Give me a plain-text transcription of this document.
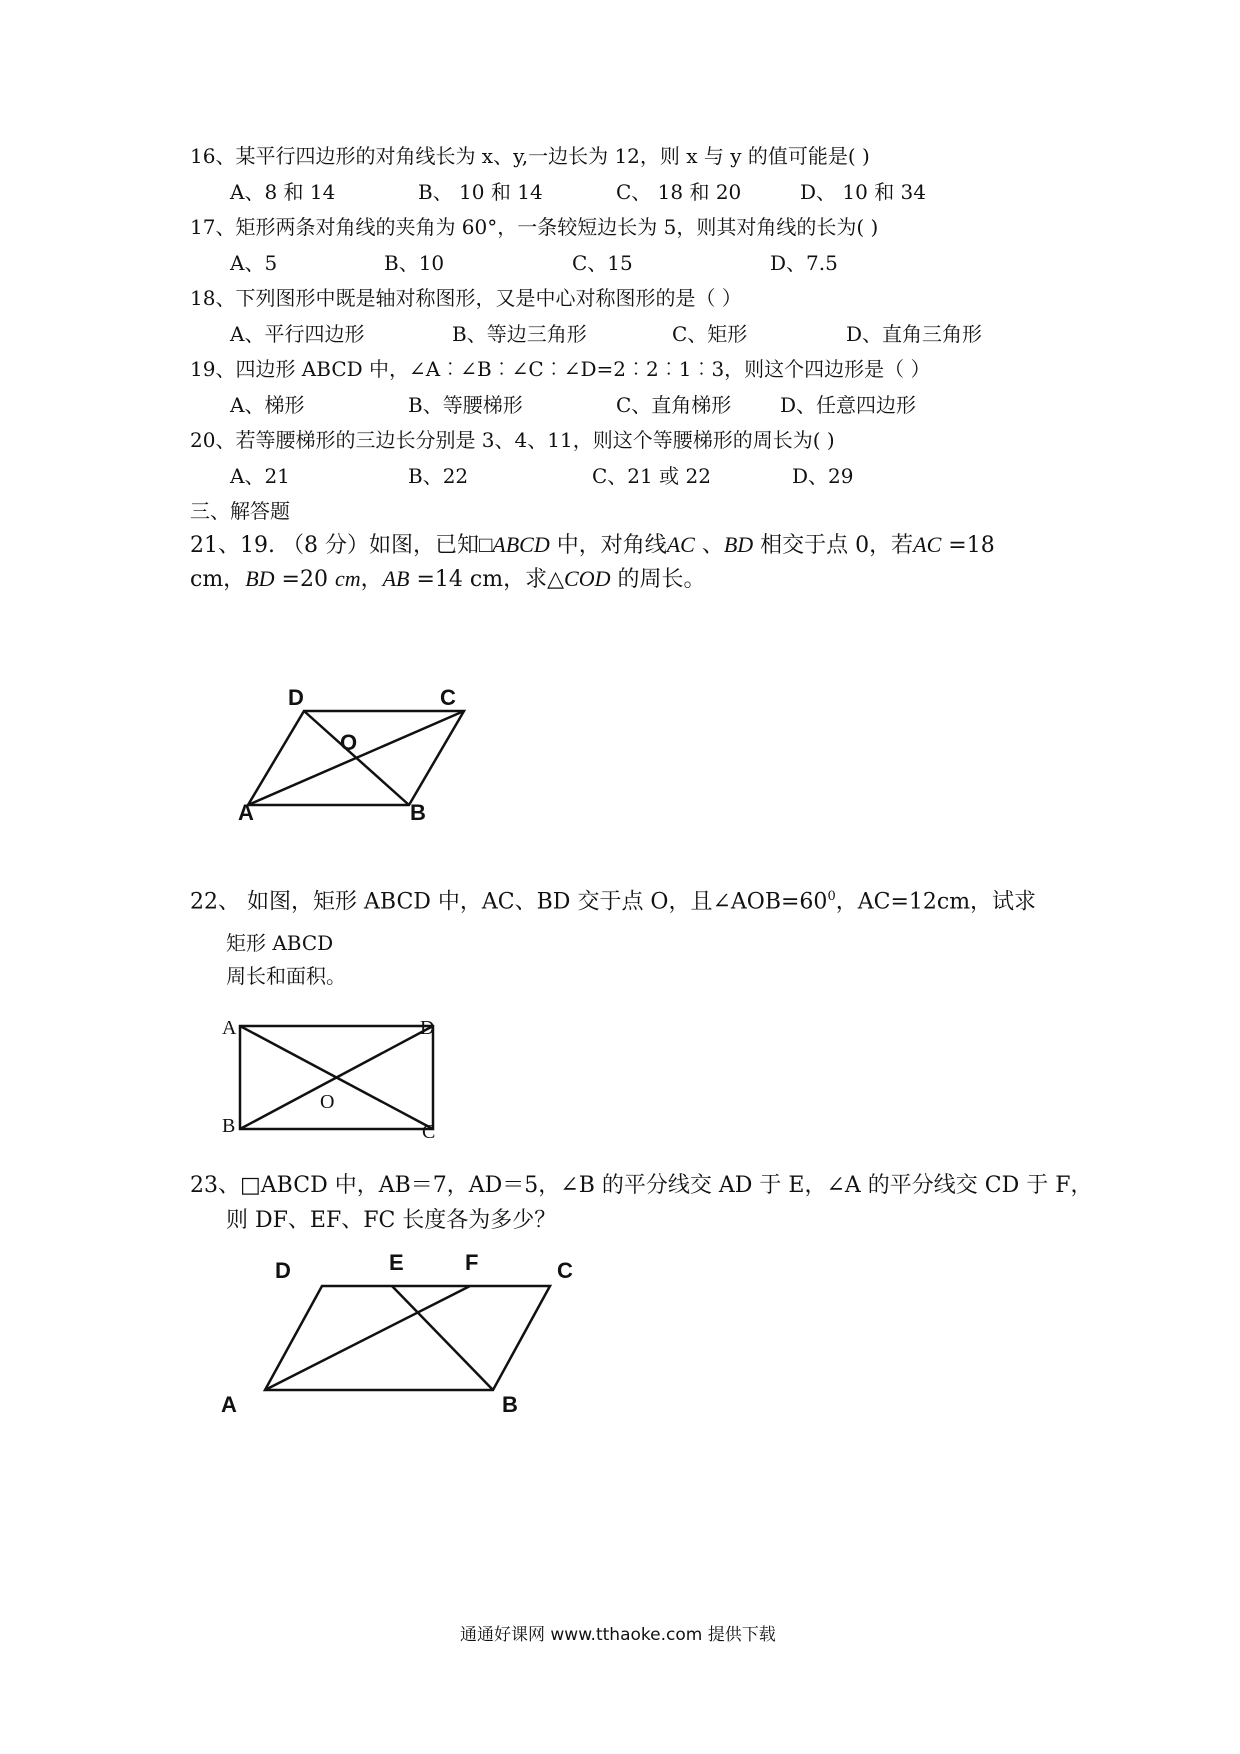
16、某平行四边形的对角线长为 x、y,一边长为 12，则 x 与 y 的值可能是( )
A、8 和 14	B、 10 和 14	C、 18 和 20	D、 10 和 34
17、矩形两条对角线的夹角为 60°，一条较短边长为 5，则其对角线的长为( )
A、5	B、10	C、15	D、7.5
18、下列图形中既是轴对称图形，又是中心对称图形的是（ ）
A、平行四边形	B、等边三角形	C、矩形	D、直角三角形
19、四边形 ABCD 中，∠A︰∠B︰∠C︰∠D=2︰2︰1︰3，则这个四边形是（ ）
A、梯形	B、等腰梯形	C、直角梯形 D、任意四边形
20、若等腰梯形的三边长分别是 3、4、11，则这个等腰梯形的周长为( )
A、21	B、22	C、21 或 22	D、29
三、解答题
21、19. （8 分）如图，已知□ABCD 中，对角线AC 、BD 相交于点 0，若AC =18
cm，BD =20 cm，AB =14 cm，求△COD 的周长。
D	C
O
A	B
22、 如图，矩形 ABCD 中，AC、BD 交于点 O，且$\angle AOB=60^0$，AC=12cm，试求
矩形 ABCD
周长和面积。
A
B	C
D
O
23、□ABCD 中，AB＝7，AD＝5，∠B 的平分线交 AD 于 E，∠A 的平分线交 CD 于 F，
则 DF、EF、FC 长度各为多少？
D	E	F	C
A	B
通通好课网 www.tthaoke.com 提供下载
